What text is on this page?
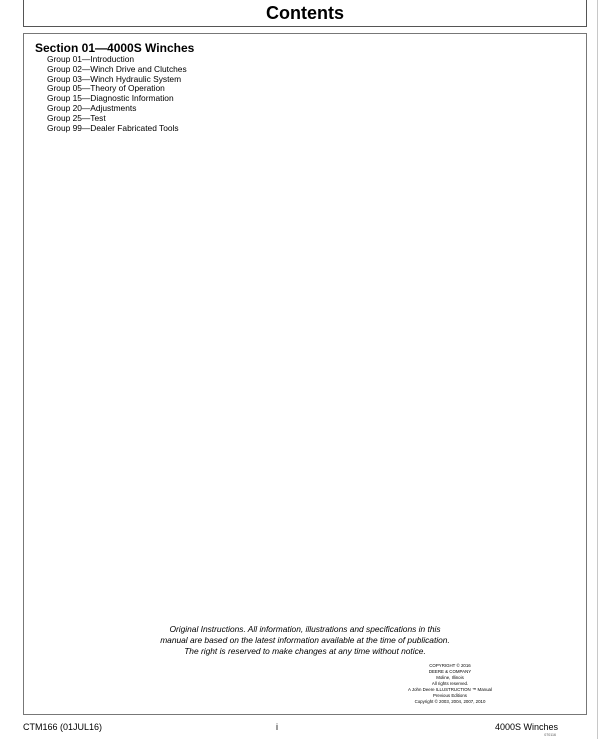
Contents
Section 01—4000S Winches
Group 01—Introduction
Group 02—Winch Drive and Clutches
Group 03—Winch Hydraulic System
Group 05—Theory of Operation
Group 15—Diagnostic Information
Group 20—Adjustments
Group 25—Test
Group 99—Dealer Fabricated Tools
Original Instructions. All information, illustrations and specifications in this
manual are based on the latest information available at the time of publication.
The right is reserved to make changes at any time without notice.
COPYRIGHT © 2016
DEERE & COMPANY
Moline, Illinois
All rights reserved.
A John Deere ILLUSTRUCTION ™ Manual
Previous Editions
Copyright © 2003, 2004, 2007, 2010
CTM166 (01JUL16)	i	4000S Winches
070116
